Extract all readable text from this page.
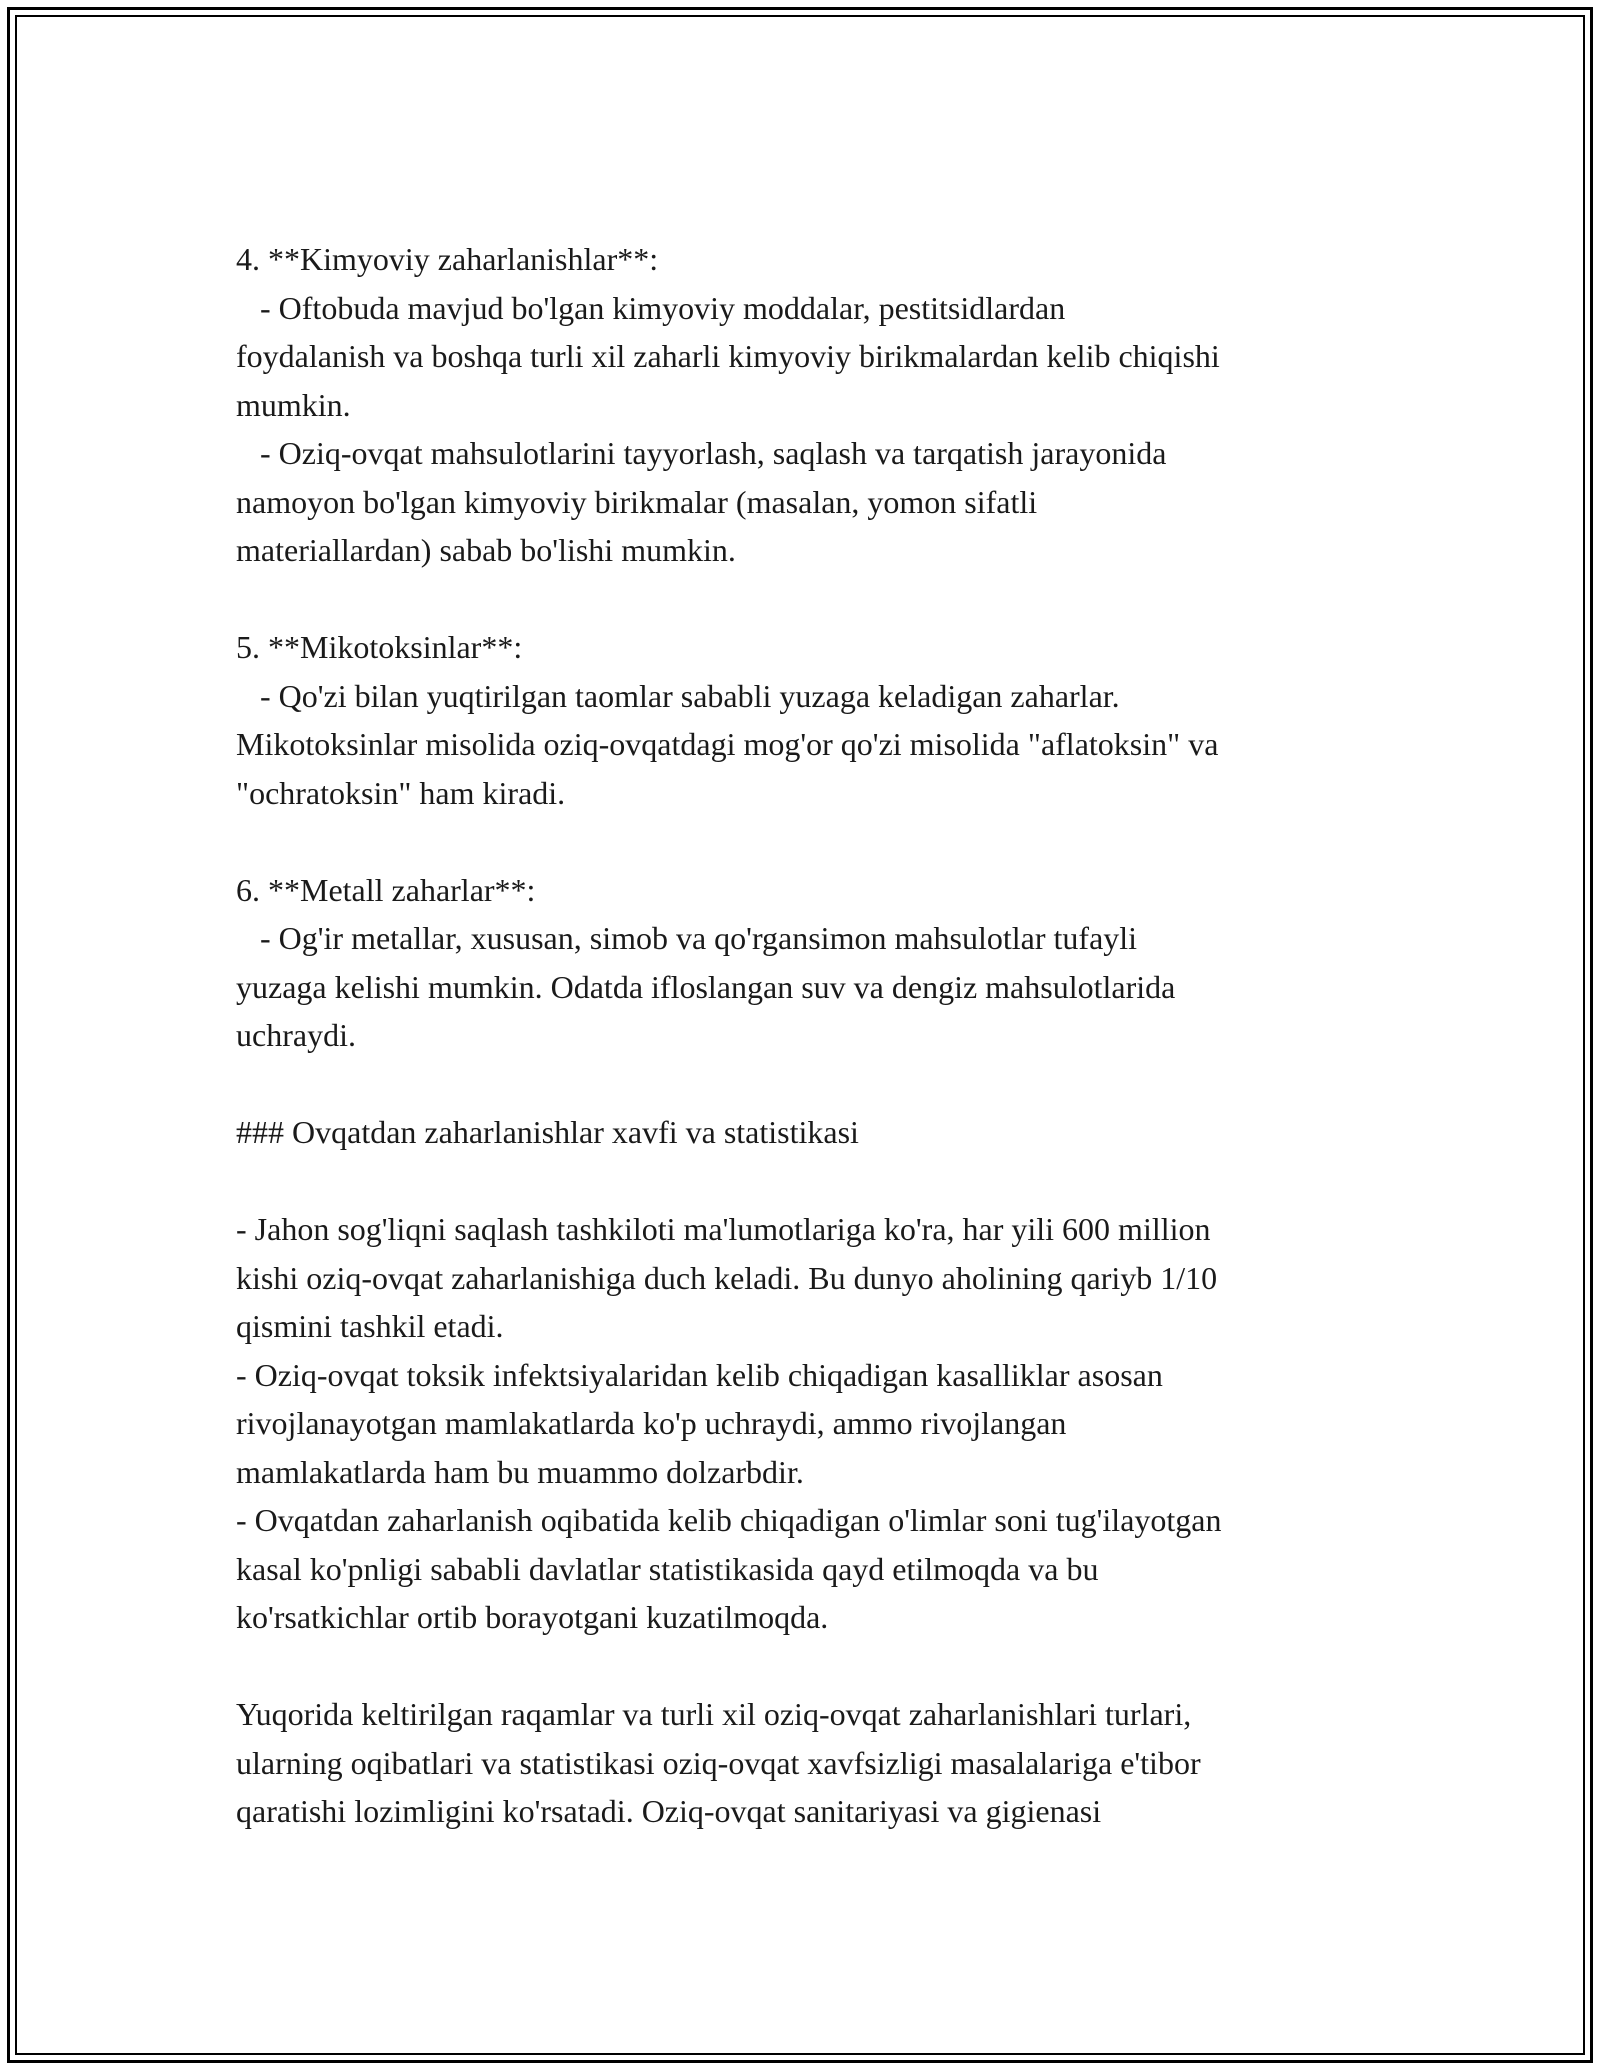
4. **Kimyoviy zaharlanishlar**:
- Oftobuda mavjud bo'lgan kimyoviy moddalar, pestitsidlardan
foydalanish va boshqa turli xil zaharli kimyoviy birikmalardan kelib chiqishi
mumkin.
- Oziq-ovqat mahsulotlarini tayyorlash, saqlash va tarqatish jarayonida
namoyon bo'lgan kimyoviy birikmalar (masalan, yomon sifatli
materiallardan) sabab bo'lishi mumkin.
5. **Mikotoksinlar**:
- Qo'zi bilan yuqtirilgan taomlar sababli yuzaga keladigan zaharlar.
Mikotoksinlar misolida oziq-ovqatdagi mog'or qo'zi misolida "aflatoksin" va
"ochratoksin" ham kiradi.
6. **Metall zaharlar**:
- Og'ir metallar, xususan, simob va qo'rgansimon mahsulotlar tufayli
yuzaga kelishi mumkin. Odatda ifloslangan suv va dengiz mahsulotlarida
uchraydi.
### Ovqatdan zaharlanishlar xavfi va statistikasi
- Jahon sog'liqni saqlash tashkiloti ma'lumotlariga ko'ra, har yili 600 million
kishi oziq-ovqat zaharlanishiga duch keladi. Bu dunyo aholining qariyb 1/10
qismini tashkil etadi.
- Oziq-ovqat toksik infektsiyalaridan kelib chiqadigan kasalliklar asosan
rivojlanayotgan mamlakatlarda ko'p uchraydi, ammo rivojlangan
mamlakatlarda ham bu muammo dolzarbdir.
- Ovqatdan zaharlanish oqibatida kelib chiqadigan o'limlar soni tug'ilayotgan
kasal ko'pnligi sababli davlatlar statistikasida qayd etilmoqda va bu
ko'rsatkichlar ortib borayotgani kuzatilmoqda.
Yuqorida keltirilgan raqamlar va turli xil oziq-ovqat zaharlanishlari turlari,
ularning oqibatlari va statistikasi oziq-ovqat xavfsizligi masalalariga e'tibor
qaratishi lozimligini ko'rsatadi. Oziq-ovqat sanitariyasi va gigienasi
